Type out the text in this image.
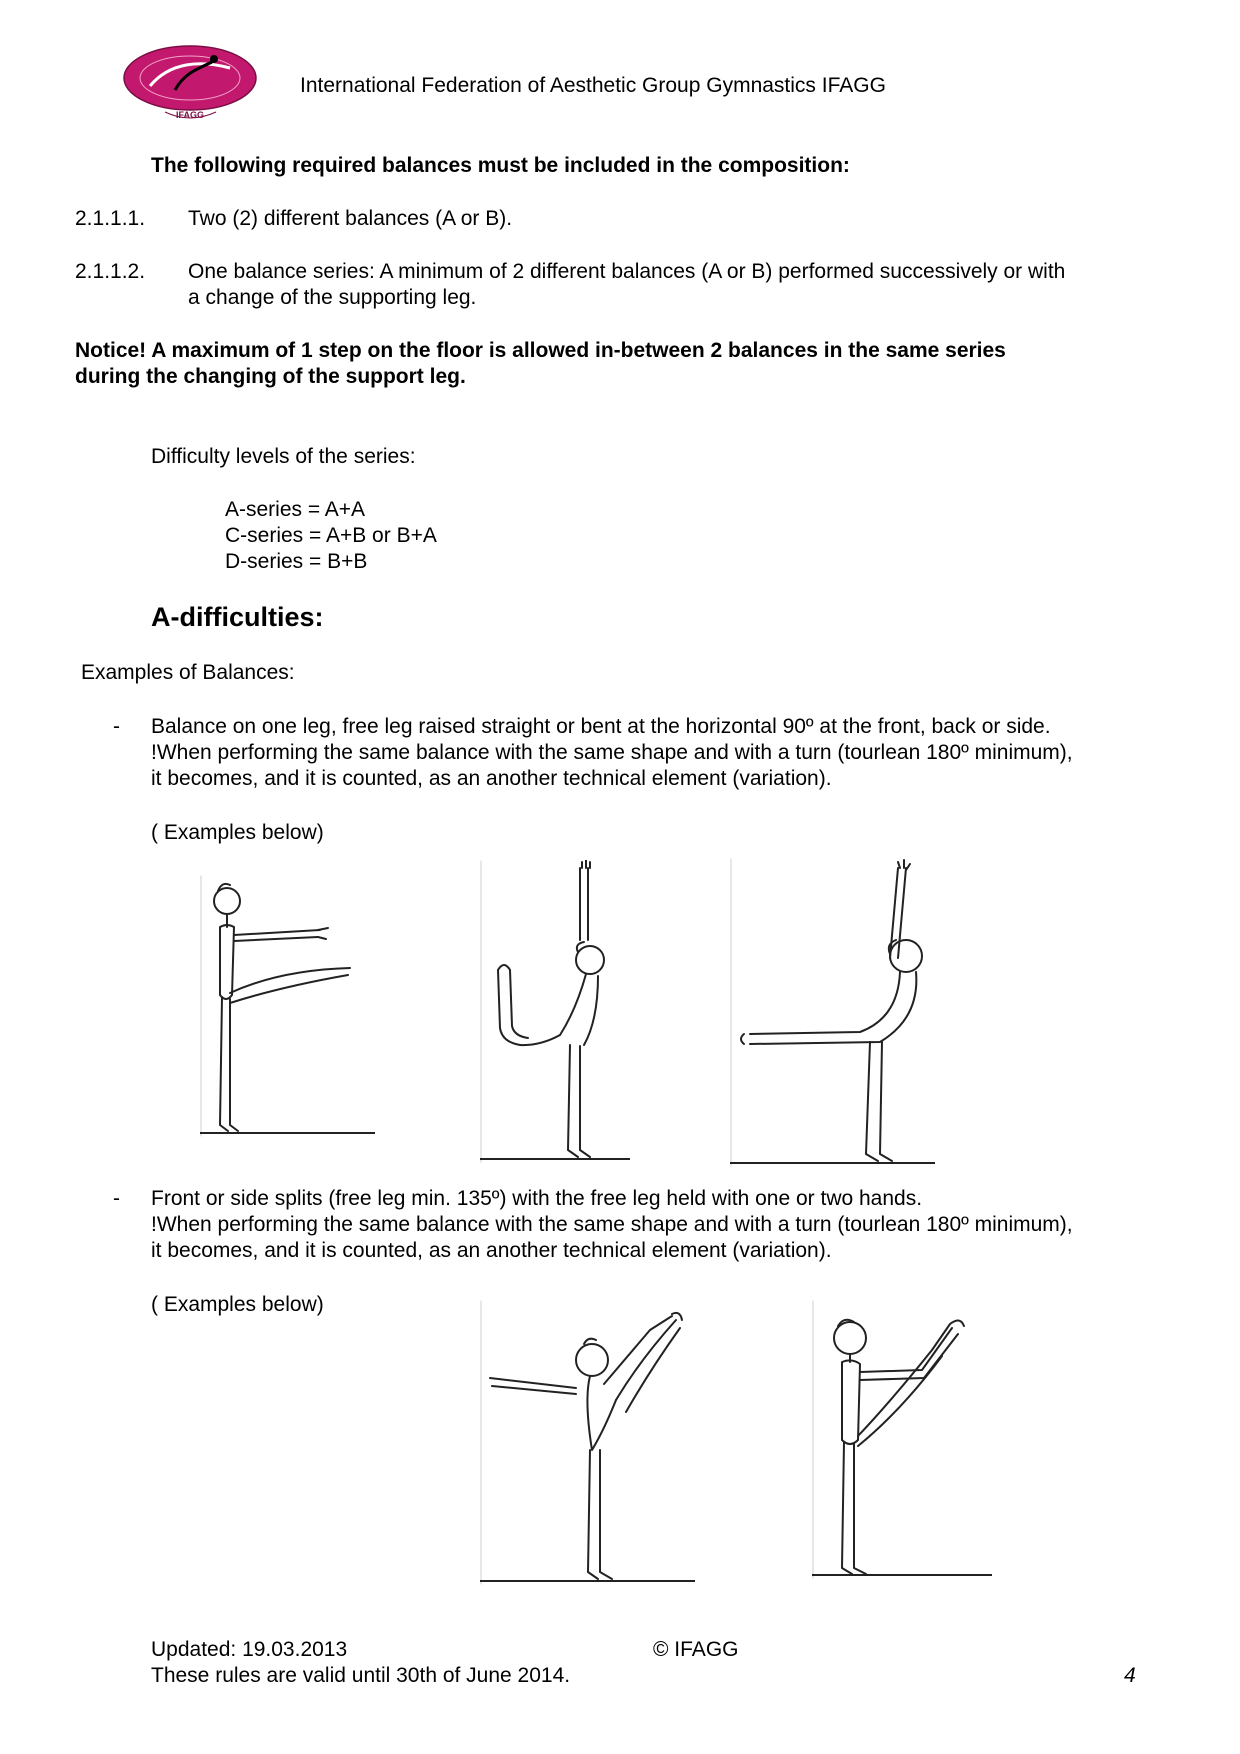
IFAGG
International Federation of Aesthetic Group Gymnastics IFAGG
The following required balances must be included in the composition:
2.1.1.1. Two (2) different balances (A or B).
2.1.1.2. One balance series: A minimum of 2 different balances (A or B) performed successively or with
a change of the supporting leg.
Notice! A maximum of 1 step on the floor is allowed in-between 2 balances in the same series
during the changing of the support leg.
Difficulty levels of the series:
A-series = A+A
C-series = A+B or B+A
D-series = B+B
A-difficulties:
Examples of Balances:
- Balance on one leg, free leg raised straight or bent at the horizontal 90º at the front, back or side.
!When performing the same balance with the same shape and with a turn (tourlean 180º minimum),
it becomes, and it is counted, as an another technical element (variation).
( Examples below)
- Front or side splits (free leg min. 135º) with the free leg held with one or two hands.
!When performing the same balance with the same shape and with a turn (tourlean 180º minimum),
it becomes, and it is counted, as an another technical element (variation).
( Examples below)
Updated: 19.03.2013	© IFAGG
These rules are valid until 30th of June 2014.	4
